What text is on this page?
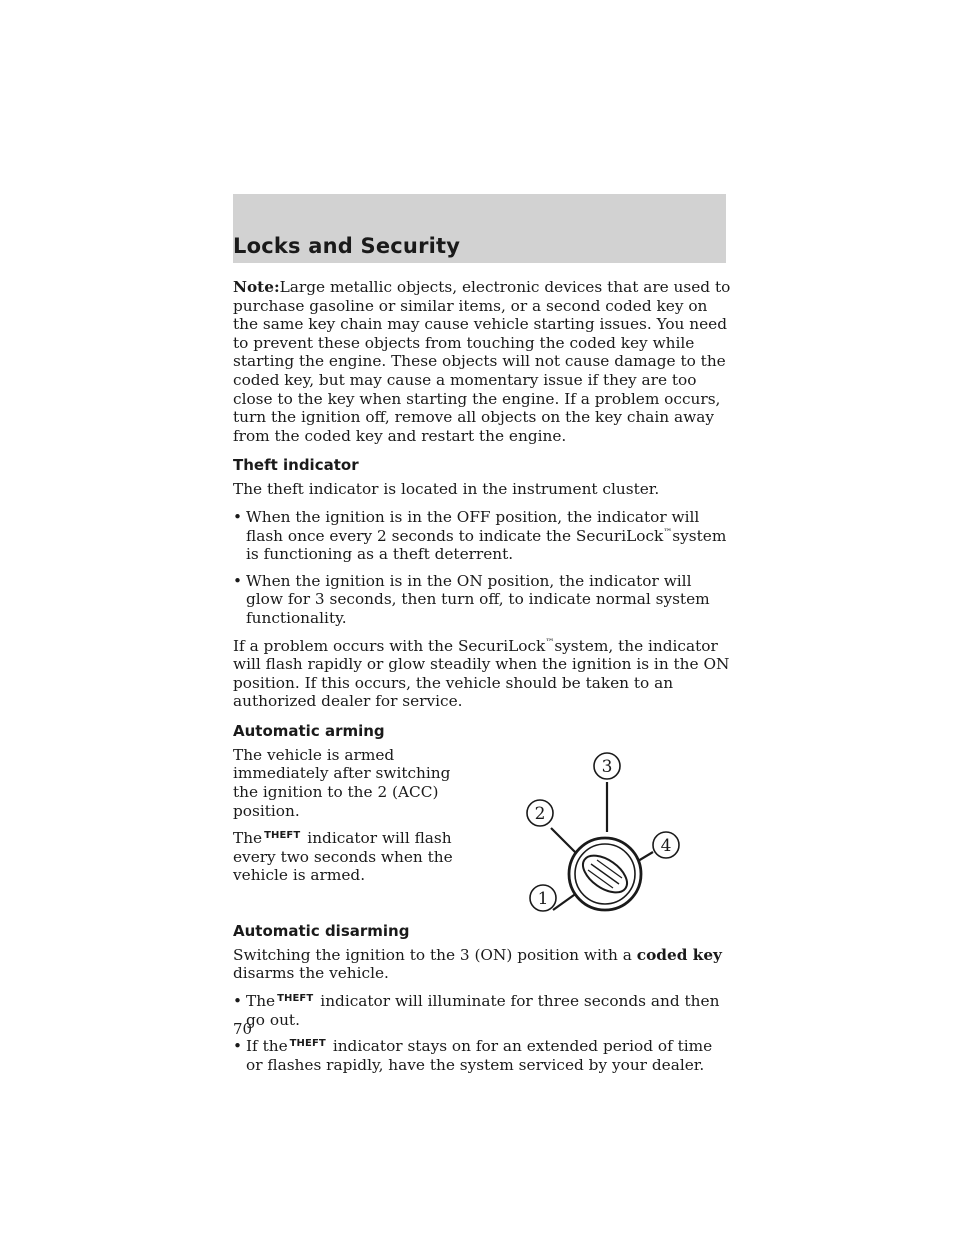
Locks and Security

Note:Large metallic objects, electronic devices that are used to purchase gasoline or similar items, or a second coded key on the same key chain may cause vehicle starting issues. You need to prevent these objects from touching the coded key while starting the engine. These objects will not cause damage to the coded key, but may cause a momentary issue if they are too close to the key when starting the engine. If a problem occurs, turn the ignition off, remove all objects on the key chain away from the coded key and restart the engine.

Theft indicator

The theft indicator is located in the instrument cluster.

• When the ignition is in the OFF position, the indicator will flash once every 2 seconds to indicate the SecuriLock™system is functioning as a theft deterrent.
• When the ignition is in the ON position, the indicator will glow for 3 seconds, then turn off, to indicate normal system functionality.

If a problem occurs with the SecuriLock™system, the indicator will flash rapidly or glow steadily when the ignition is in the ON position. If this occurs, the vehicle should be taken to an authorized dealer for service.

Automatic arming

The vehicle is armed immediately after switching the ignition to the 2 (ACC) position.

The $^{THEFT}$ indicator will flash every two seconds when the vehicle is armed.

3
2
4
1
Automatic disarming

Switching the ignition to the 3 (ON) position with a coded key disarms the vehicle.

• The $^{THEFT}$ indicator will illuminate for three seconds and then go out.
• If the $^{THEFT}$ indicator stays on for an extended period of time or flashes rapidly, have the system serviced by your dealer.
70
